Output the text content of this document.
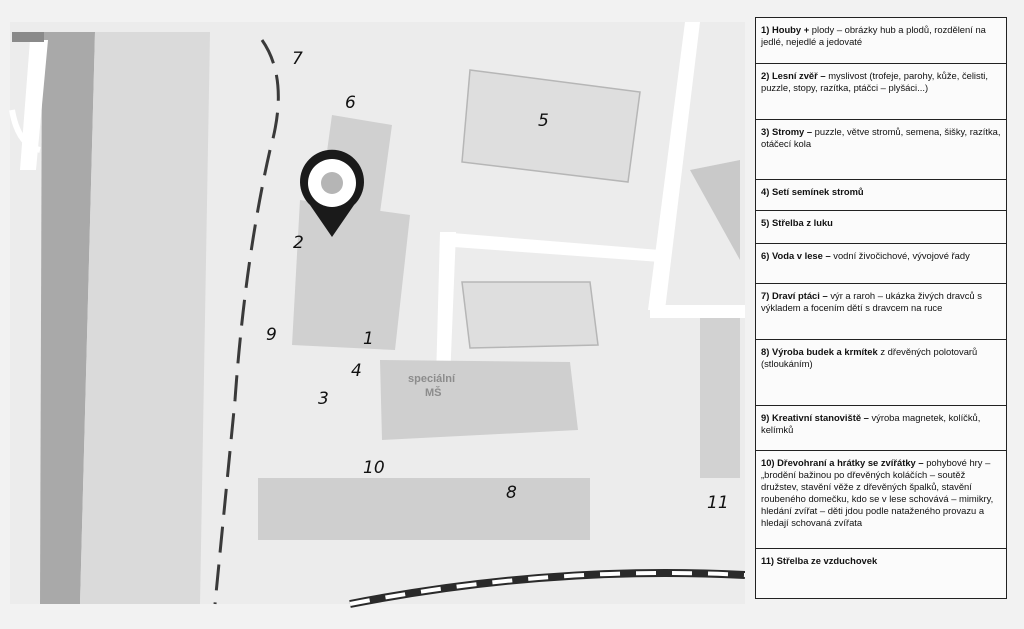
speciální
MŠ
7
6
5
2
9	1
4
3
10
8	11
1) Houby + plody – obrázky hub a plodů, rozdělení na jedlé, nejedlé a jedovaté
2) Lesní zvěř – myslivost (trofeje, parohy, kůže, čelisti, puzzle, stopy, razítka, ptáčci – plyšáci...)
3) Stromy – puzzle, větve stromů, semena, šišky, razítka, otáčecí kola
4) Setí semínek stromů
5) Střelba z luku
6) Voda v lese – vodní živočichové, vývojové řady
7) Draví ptáci – výr a raroh – ukázka živých dravců s výkladem a focením dětí s dravcem na ruce
8) Výroba budek a krmítek z dřevěných polotovarů (stloukáním)
9) Kreativní stanoviště – výroba magnetek, kolíčků, kelímků
10) Dřevohraní a hrátky se zvířátky – pohybové hry – „brodění bažinou po dřevěných koláčích – soutěž družstev, stavění věže z dřevěných špalků, stavění roubeného domečku, kdo se v lese schovává – mimikry, hledání zvířat – děti jdou podle nataženého provazu a hledají schovaná zvířata
11) Střelba ze vzduchovek
